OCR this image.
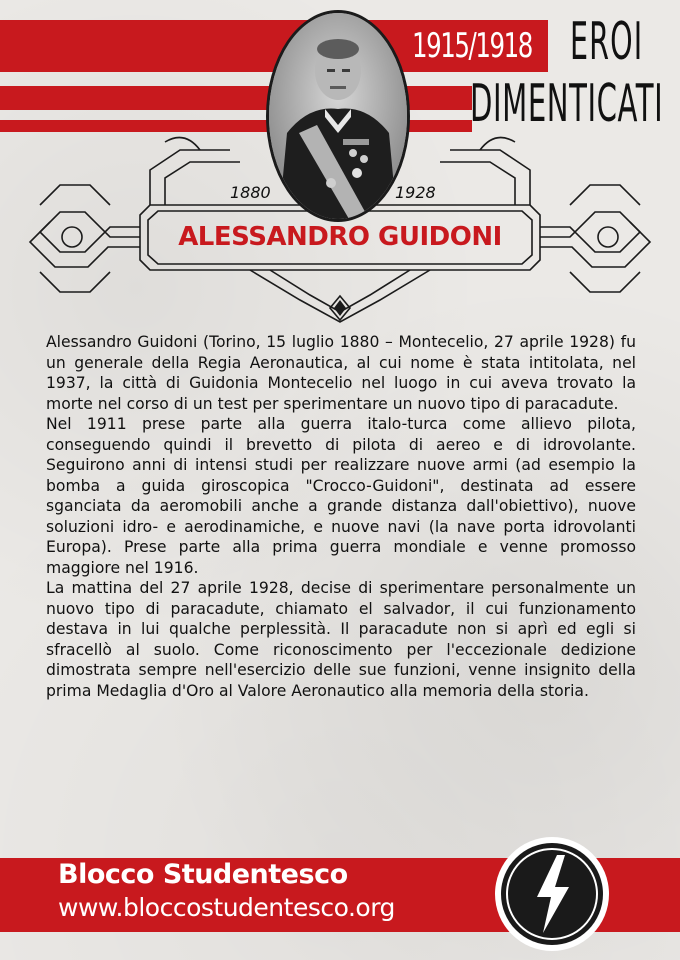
1915/1918 EROI
DIMENTICATI
1880	1928
ALESSANDRO GUIDONI

Alessandro Guidoni (Torino, 15 luglio 1880 – Montecelio, 27 aprile 1928) fu un generale della Regia Aeronautica, al cui nome è stata intitolata, nel 1937, la città di Guidonia Montecelio nel luogo in cui aveva trovato la morte nel corso di un test per sperimentare un nuovo tipo di paracadute.

Nel 1911 prese parte alla guerra italo-turca come allievo pilota, conseguendo quindi il brevetto di pilota di aereo e di idrovolante. Seguirono anni di intensi studi per realizzare nuove armi (ad esempio la bomba a guida giroscopica "Crocco-Guidoni", destinata ad essere sganciata da aeromobili anche a grande distanza dall'obiettivo), nuove soluzioni idro- e aerodinamiche, e nuove navi (la nave porta idrovolanti Europa). Prese parte alla prima guerra mondiale e venne promosso maggiore nel 1916.

La mattina del 27 aprile 1928, decise di sperimentare personalmente un nuovo tipo di paracadute, chiamato el salvador, il cui funzionamento destava in lui qualche perplessità. Il paracadute non si aprì ed egli si sfracellò al suolo. Come riconoscimento per l'eccezionale dedizione dimostrata sempre nell'esercizio delle sue funzioni, venne insignito della prima Medaglia d'Oro al Valore Aeronautico alla memoria della storia.

Blocco Studentesco
www.bloccostudentesco.org
